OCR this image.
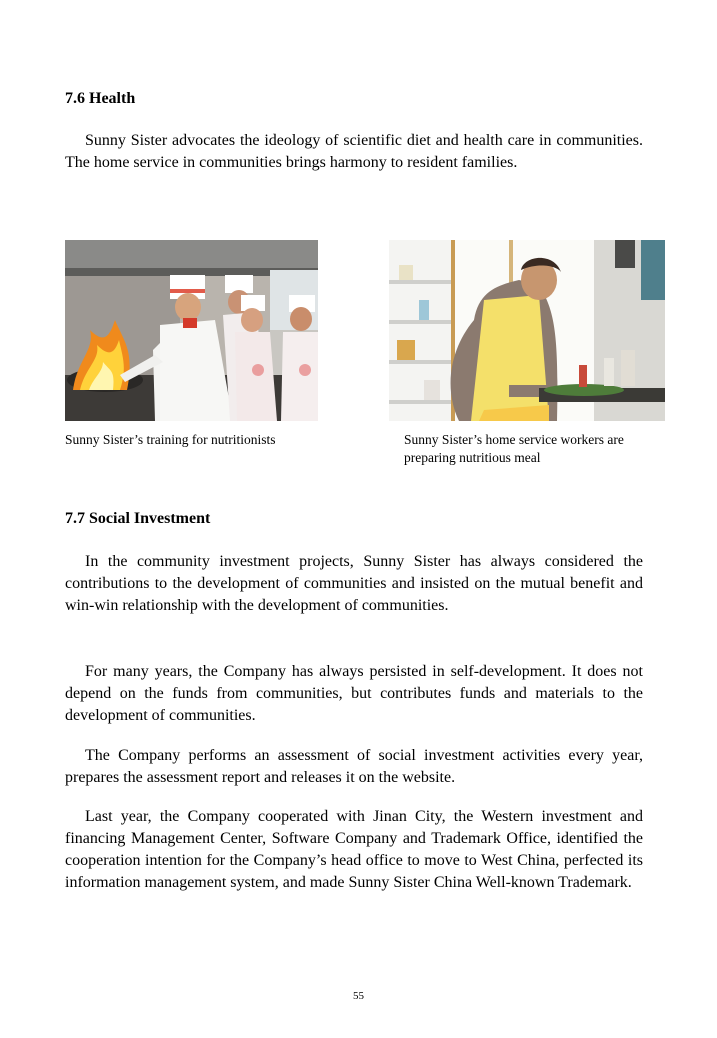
7.6 Health

Sunny Sister advocates the ideology of scientific diet and health care in communities. The home service in communities brings harmony to resident families.

Sunny Sister’s training for nutritionists	Sunny Sister’s home service workers are preparing nutritious meal

7.7 Social Investment

In the community investment projects, Sunny Sister has always considered the contributions to the development of communities and insisted on the mutual benefit and win-win relationship with the development of communities.

For many years, the Company has always persisted in self-development. It does not depend on the funds from communities, but contributes funds and materials to the development of communities.

The Company performs an assessment of social investment activities every year, prepares the assessment report and releases it on the website.

Last year, the Company cooperated with Jinan City, the Western investment and financing Management Center, Software Company and Trademark Office, identified the cooperation intention for the Company’s head office to move to West China, perfected its information management system, and made Sunny Sister China Well-known Trademark.

55
